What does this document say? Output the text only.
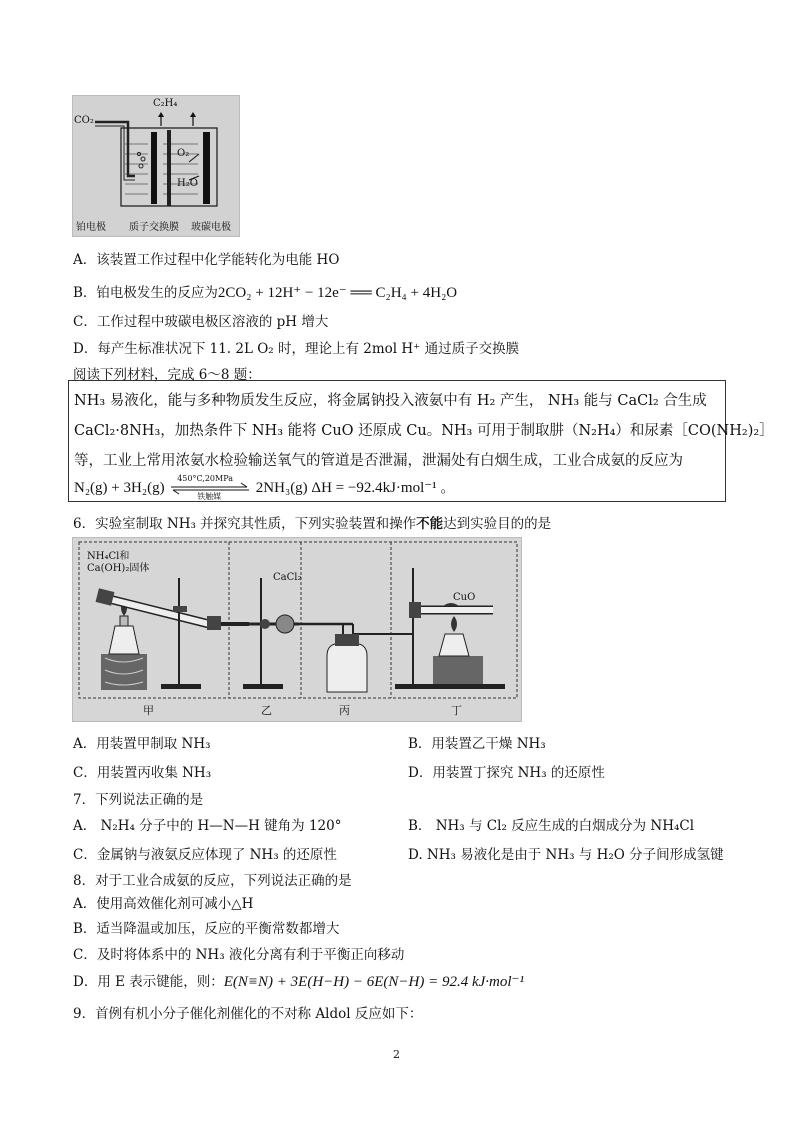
CO₂
C₂H₄
O₂
H₂O
铂电极 质子交换膜 玻碳电极
A．该装置工作过程中化学能转化为电能 HO
B．铂电极发生的反应为2CO₂ + 12H⁺ − 12e⁻ ══ C₂H₄ + 4H₂O
C．工作过程中玻碳电极区溶液的 pH 增大
D．每产生标准状况下 11. 2L O₂ 时，理论上有 2mol H⁺ 通过质子交换膜
阅读下列材料，完成 6～8 题：
NH₃ 易液化，能与多种物质发生反应，将金属钠投入液氨中有 H₂ 产生， NH₃ 能与 CaCl₂ 合生成
CaCl₂·8NH₃，加热条件下 NH₃ 能将 CuO 还原成 Cu。NH₃ 可用于制取肼（N₂H₄）和尿素［CO(NH₂)₂］
等，工业上常用浓氨水检验输送氧气的管道是否泄漏，泄漏处有白烟生成，工业合成氨的反应为
N₂(g) + 3H₂(g)
450°C,20MPa
铁触媒
2NH₃(g) ΔH = −92.4kJ·mol⁻¹ 。
6．实验室制取 NH₃ 并探究其性质，下列实验装置和操作不能达到实验目的的是
NH₄Cl和
Ca(OH)₂固体
CaCl₂
CuO
甲	乙	丙	丁
A．用装置甲制取 NH₃	B．用装置乙干燥 NH₃
C．用装置丙收集 NH₃	D．用装置丁探究 NH₃ 的还原性
7．下列说法正确的是
A． N₂H₄ 分子中的 H—N—H 键角为 120°	B． NH₃ 与 Cl₂ 反应生成的白烟成分为 NH₄Cl
C．金属钠与液氨反应体现了 NH₃ 的还原性	D. NH₃ 易液化是由于 NH₃ 与 H₂O 分子间形成氢键
8．对于工业合成氨的反应，下列说法正确的是
A．使用高效催化剂可减小△H
B．适当降温或加压，反应的平衡常数都增大
C．及时将体系中的 NH₃ 液化分离有利于平衡正向移动
D．用 E 表示键能，则：E(N≡N) + 3E(H−H) − 6E(N−H) = 92.4 kJ·mol⁻¹
9．首例有机小分子催化剂催化的不对称 Aldol 反应如下：
2
